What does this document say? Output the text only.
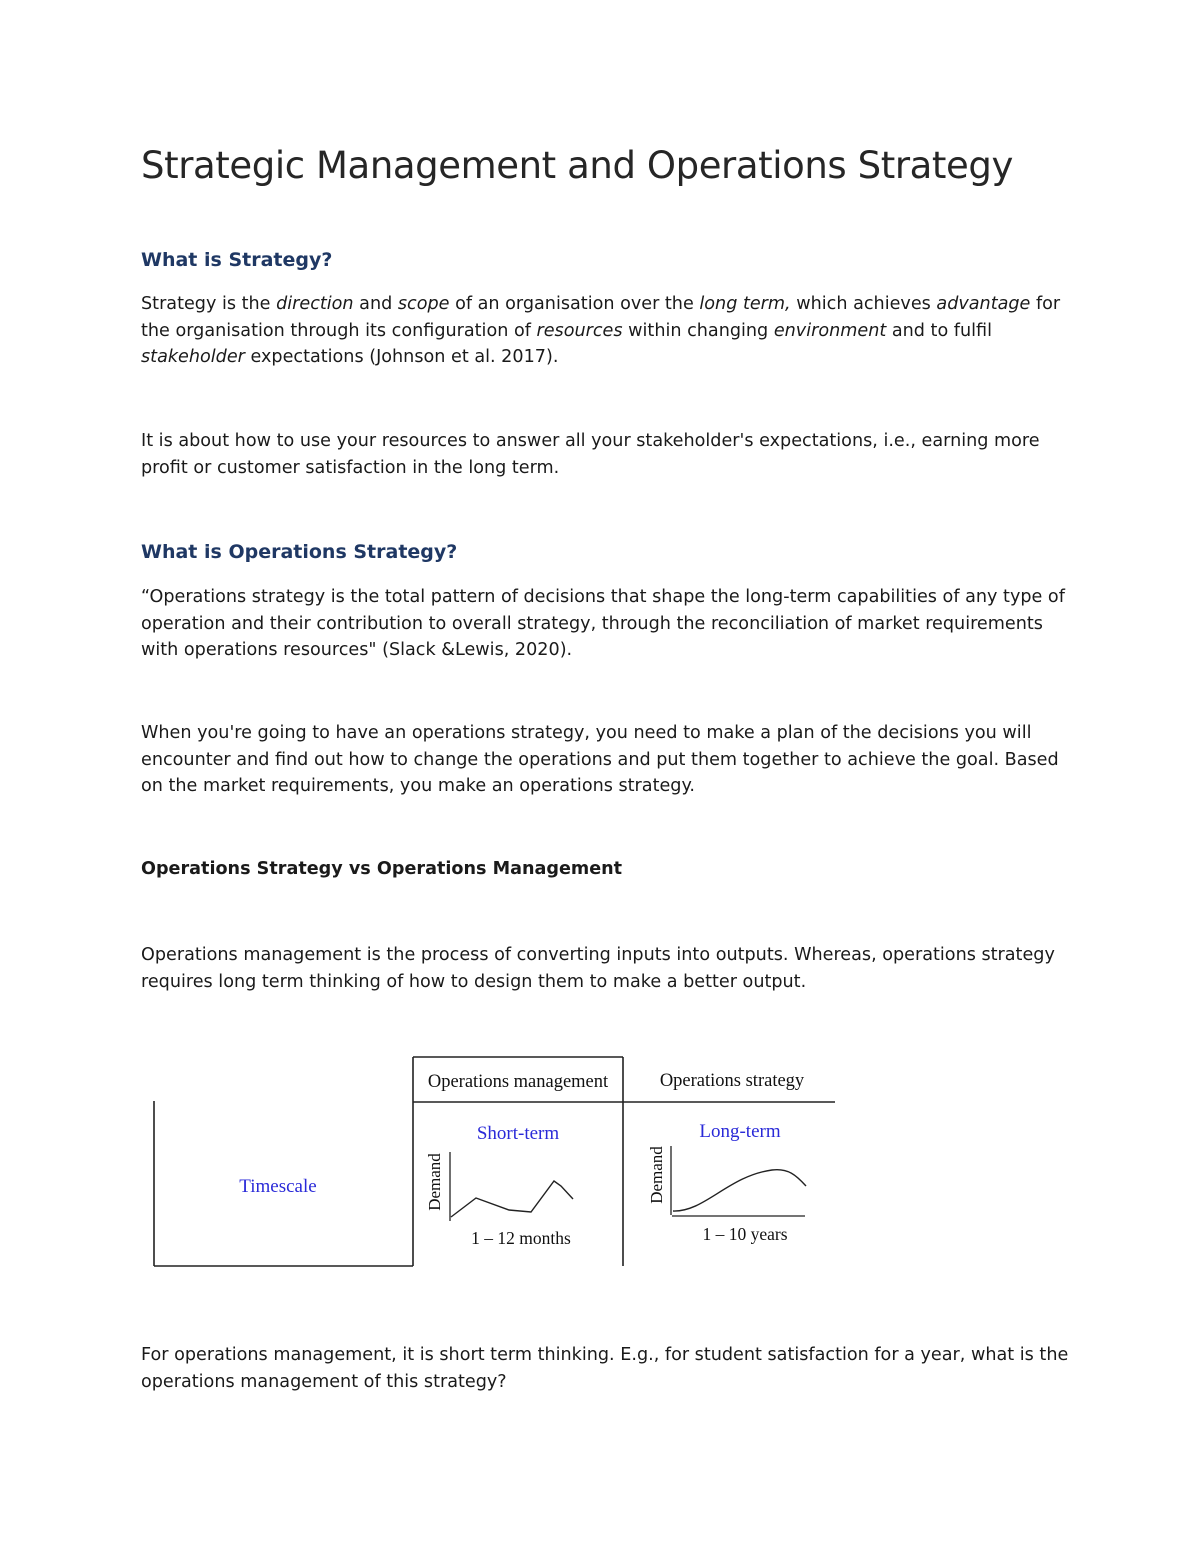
Strategic Management and Operations Strategy
What is Strategy?
Strategy is the direction and scope of an organisation over the long term, which achieves advantage for
the organisation through its configuration of resources within changing environment and to fulfil
stakeholder expectations (Johnson et al. 2017).
It is about how to use your resources to answer all your stakeholder's expectations, i.e., earning more
profit or customer satisfaction in the long term.
What is Operations Strategy?
“Operations strategy is the total pattern of decisions that shape the long-term capabilities of any type of
operation and their contribution to overall strategy, through the reconciliation of market requirements
with operations resources" (Slack &Lewis, 2020).
When you're going to have an operations strategy, you need to make a plan of the decisions you will
encounter and find out how to change the operations and put them together to achieve the goal. Based
on the market requirements, you make an operations strategy.
Operations Strategy vs Operations Management
Operations management is the process of converting inputs into outputs. Whereas, operations strategy
requires long term thinking of how to design them to make a better output.
Operations management	Operations strategy
Timescale
Short-term
Demand
1 – 12 months
Long-term
Demand
1 – 10 years
For operations management, it is short term thinking. E.g., for student satisfaction for a year, what is the
operations management of this strategy?
